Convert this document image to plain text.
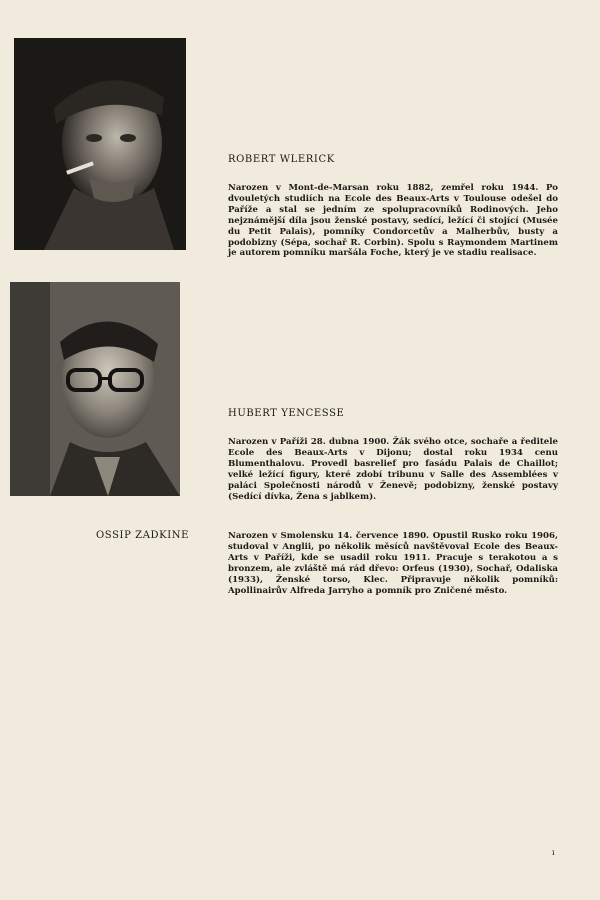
ROBERT WLERICK
Narozen v Mont-de-Marsan roku 1882, zemřel roku 1944. Po dvouletých studiích na Ecole des Beaux-Arts v Toulouse odešel do Paříže a stal se jedním ze spolupracovníků Rodinových. Jeho nejznámější díla jsou ženské postavy, sedící, ležící či stojící (Musée du Petit Palais), pomníky Condorcetův a Malherbův, busty a podobizny (Sépa, sochař R. Corbin). Spolu s Raymondem Martinem je autorem pomníku maršála Foche, který je ve stadiu realisace.
HUBERT YENCESSE
Narozen v Paříži 28. dubna 1900. Žák svého otce, sochaře a ředitele Ecole des Beaux-Arts v Dijonu; dostal roku 1934 cenu Blumenthalovu. Provedl basrelief pro fasádu Palais de Chaillot; velké ležící figury, které zdobí tribunu v Salle des Assemblées v paláci Společnosti národů v Ženevě; podobizny, ženské postavy (Sedící dívka, Žena s jablkem).
OSSIP ZADKINE	Narozen v Smolensku 14. července 1890. Opustil Rusko roku 1906, studoval v Anglii, po několik měsíců navštěvoval Ecole des Beaux-Arts v Paříži, kde se usadil roku 1911. Pracuje s terakotou a s bronzem, ale zvláště má rád dřevo: Orfeus (1930), Sochař, Odaliska (1933), Ženské torso, Klec. Připravuje několik pomníků: Apollinairův Alfreda Jarryho a pomník pro Zničené město.
ı
